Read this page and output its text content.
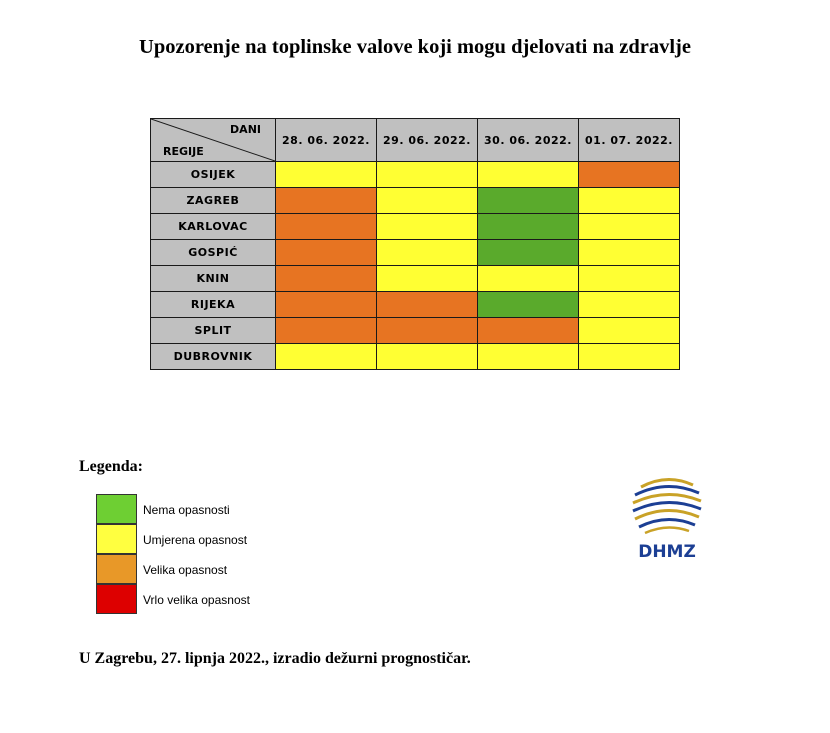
Upozorenje na toplinske valove koji mogu djelovati na zdravlje
DANI
REGIJE	28. 06. 2022.	29. 06. 2022.	30. 06. 2022.	01. 07. 2022.
OSIJEK				
ZAGREB				
KARLOVAC				
GOSPIĆ				
KNIN				
RIJEKA				
SPLIT				
DUBROVNIK				
Legenda:
Nema opasnosti
Umjerena opasnost
Velika opasnost
Vrlo velika opasnost
DHMZ
U Zagrebu, 27. lipnja 2022., izradio dežurni prognostičar.
